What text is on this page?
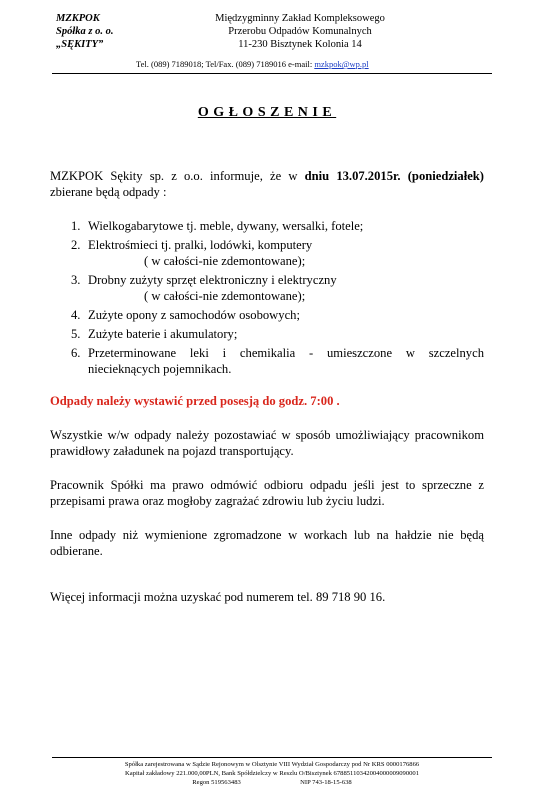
MZKPOK
Spółka z o. o.
„SĘKITY”
Międzygminny Zakład Kompleksowego
Przerobu Odpadów Komunalnych
11-230 Bisztynek Kolonia 14
Tel. (089) 7189018; Tel/Fax. (089) 7189016 e-mail: mzkpok@wp.pl
OGŁOSZENIE

MZKPOK Sękity sp. z o.o. informuje, że w dniu 13.07.2015r. (poniedziałek) zbierane będą odpady :

1. Wielkogabarytowe tj. meble, dywany, wersalki, fotele;
2. Elektrośmieci tj. pralki, lodówki, komputery
( w całości-nie zdemontowane);
3. Drobny zużyty sprzęt elektroniczny i elektryczny
( w całości-nie zdemontowane);
4. Zużyte opony z samochodów osobowych;
5. Zużyte baterie i akumulatory;
6. Przeterminowane leki i chemikalia - umieszczone w szczelnych
niecieknących pojemnikach.

Odpady należy wystawić przed posesją do godz. 7:00 .

Wszystkie w/w odpady należy pozostawiać w sposób umożliwiający pracownikom prawidłowy załadunek na pojazd transportujący.

Pracownik Spółki ma prawo odmówić odbioru odpadu jeśli jest to sprzeczne z przepisami prawa oraz mogłoby zagrażać zdrowiu lub życiu ludzi.

Inne odpady niż wymienione zgromadzone w workach lub na hałdzie nie będą odbierane.

Więcej informacji można uzyskać pod numerem tel. 89 718 90 16.

Spółka zarejestrowana w Sądzie Rejonowym w Olsztynie VIII Wydział Gospodarczy pod Nr KRS 0000176866
Kapitał zakładowy 221.000,00PLN, Bank Spółdzielczy w Reszlu O/Bisztynek 67885110342004000009090001
Regon 519563483	NIP 743-18-15-638
